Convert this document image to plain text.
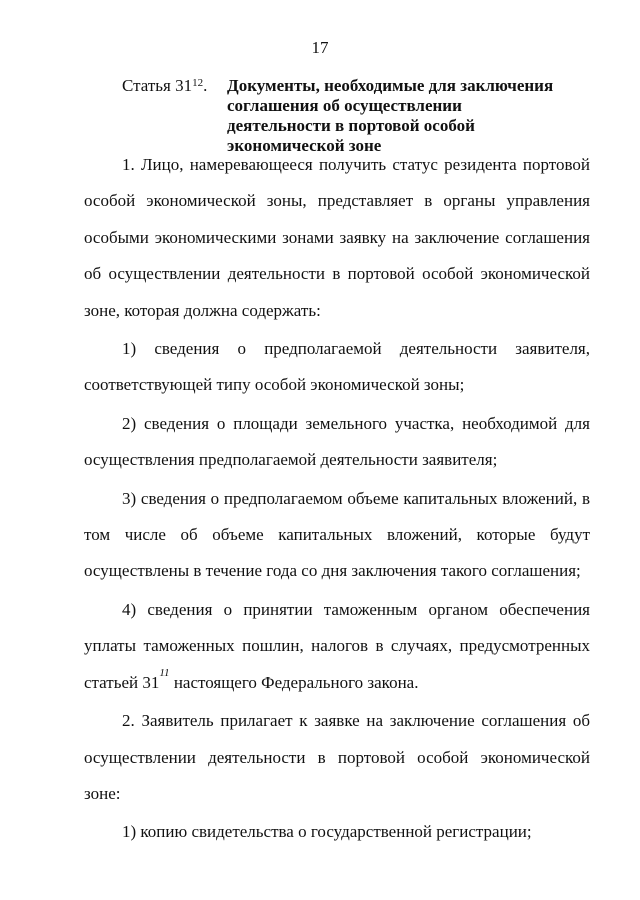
17
Статья $31^{12}$. Документы, необходимые для заключения соглашения об осуществлении деятельности в портовой особой экономической зоне

1. Лицо, намеревающееся получить статус резидента портовой особой экономической зоны, представляет в органы управления особыми экономическими зонами заявку на заключение соглашения об осуществлении деятельности в портовой особой экономической зоне, которая должна содержать:

1) сведения о предполагаемой деятельности заявителя, соответствующей типу особой экономической зоны;

2) сведения о площади земельного участка, необходимой для осуществления предполагаемой деятельности заявителя;

3) сведения о предполагаемом объеме капитальных вложений, в том числе об объеме капитальных вложений, которые будут осуществлены в течение года со дня заключения такого соглашения;

4) сведения о принятии таможенным органом обеспечения уплаты таможенных пошлин, налогов в случаях, предусмотренных статьей $31^{11}$ настоящего Федерального закона.

2. Заявитель прилагает к заявке на заключение соглашения об осуществлении деятельности в портовой особой экономической зоне:

1) копию свидетельства о государственной регистрации;
